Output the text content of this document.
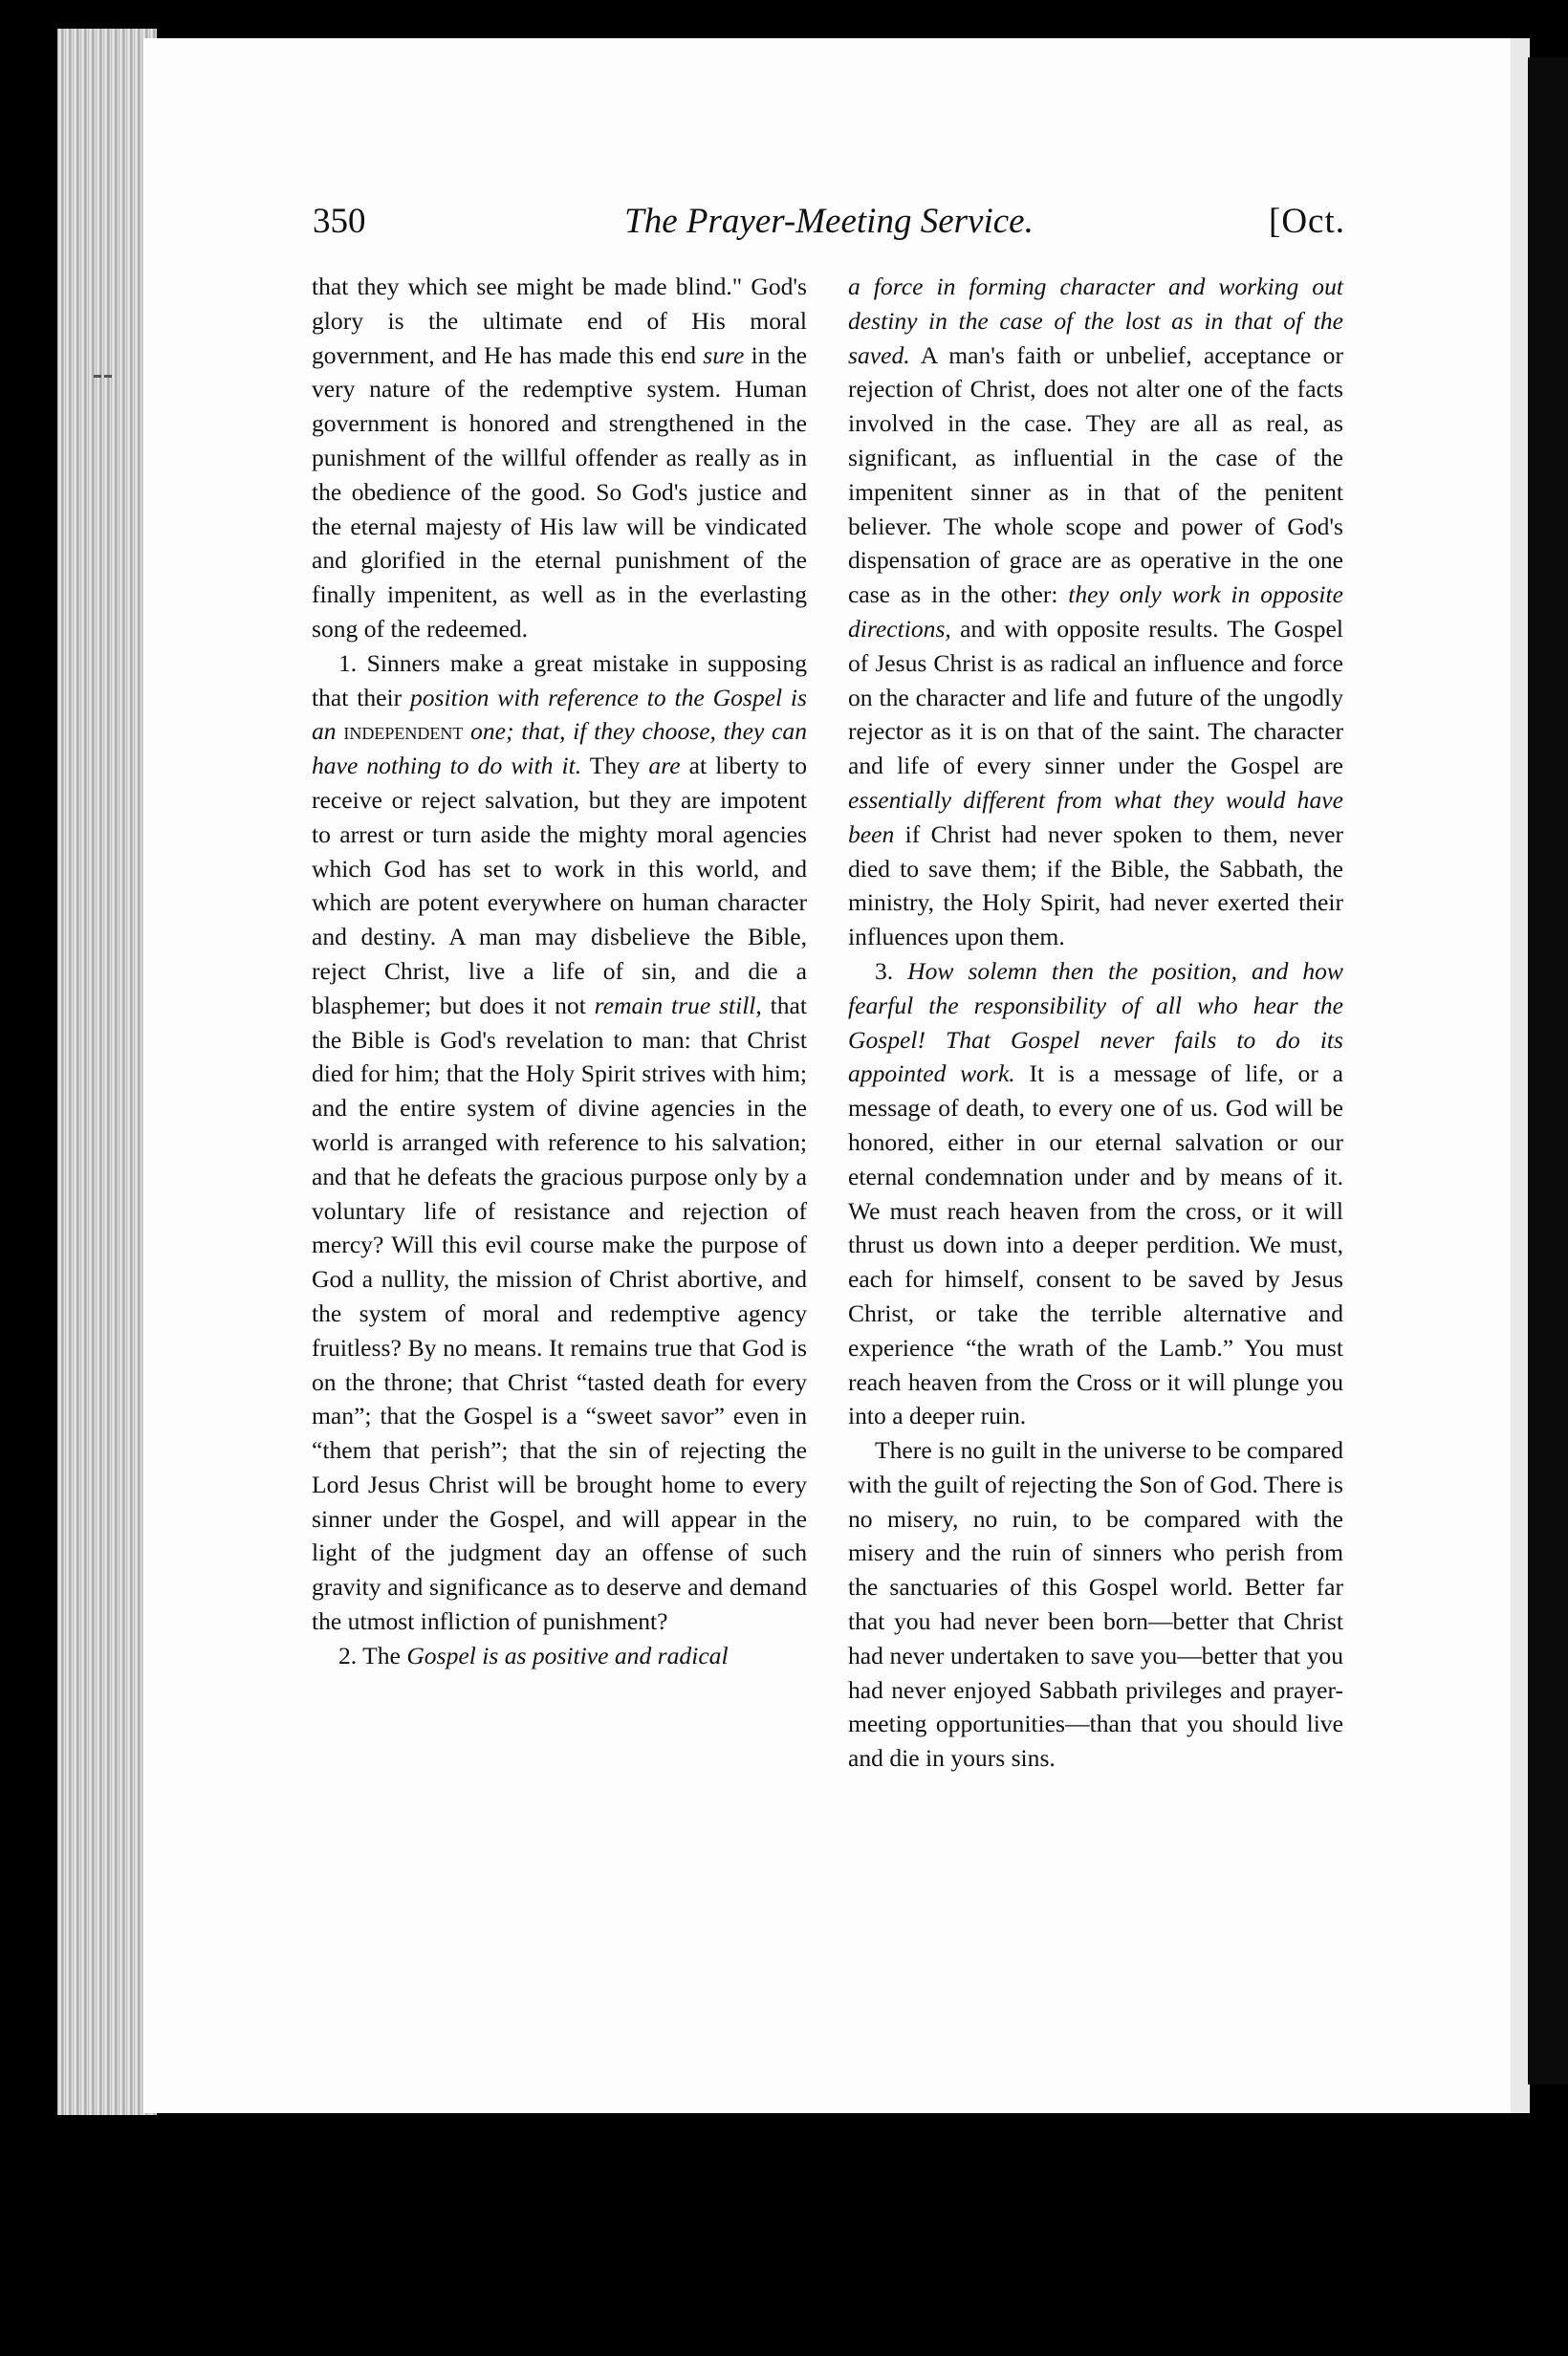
350	The Prayer-Meeting Service.	[Oct.

that they which see might be made blind." God's glory is the ultimate end of His moral government, and He has made this end sure in the very nature of the redemptive system. Human government is honored and strengthened in the punishment of the willful offender as really as in the obedience of the good. So God's justice and the eternal majesty of His law will be vindicated and glorified in the eternal punishment of the finally impenitent, as well as in the everlasting song of the redeemed.

1. Sinners make a great mistake in supposing that their position with reference to the Gospel is an independent one; that, if they choose, they can have nothing to do with it. They are at liberty to receive or reject salvation, but they are impotent to arrest or turn aside the mighty moral agencies which God has set to work in this world, and which are potent everywhere on human character and destiny. A man may disbelieve the Bible, reject Christ, live a life of sin, and die a blasphemer; but does it not remain true still, that the Bible is God's revelation to man: that Christ died for him; that the Holy Spirit strives with him; and the entire system of divine agencies in the world is arranged with reference to his salvation; and that he defeats the gracious purpose only by a voluntary life of resistance and rejection of mercy? Will this evil course make the purpose of God a nullity, the mission of Christ abortive, and the system of moral and redemptive agency fruitless? By no means. It remains true that God is on the throne; that Christ “tasted death for every man”; that the Gospel is a “sweet savor” even in “them that perish”; that the sin of rejecting the Lord Jesus Christ will be brought home to every sinner under the Gospel, and will appear in the light of the judgment day an offense of such gravity and significance as to deserve and demand the utmost infliction of punishment?

2. The Gospel is as positive and radical

a force in forming character and working out destiny in the case of the lost as in that of the saved. A man's faith or unbelief, acceptance or rejection of Christ, does not alter one of the facts involved in the case. They are all as real, as significant, as influential in the case of the impenitent sinner as in that of the penitent believer. The whole scope and power of God's dispensation of grace are as operative in the one case as in the other: they only work in opposite directions, and with opposite results. The Gospel of Jesus Christ is as radical an influence and force on the character and life and future of the ungodly rejector as it is on that of the saint. The character and life of every sinner under the Gospel are essentially different from what they would have been if Christ had never spoken to them, never died to save them; if the Bible, the Sabbath, the ministry, the Holy Spirit, had never exerted their influences upon them.

3. How solemn then the position, and how fearful the responsibility of all who hear the Gospel! That Gospel never fails to do its appointed work. It is a message of life, or a message of death, to every one of us. God will be honored, either in our eternal salvation or our eternal condemnation under and by means of it. We must reach heaven from the cross, or it will thrust us down into a deeper perdition. We must, each for himself, consent to be saved by Jesus Christ, or take the terrible alternative and experience “the wrath of the Lamb.” You must reach heaven from the Cross or it will plunge you into a deeper ruin.

There is no guilt in the universe to be compared with the guilt of rejecting the Son of God. There is no misery, no ruin, to be compared with the misery and the ruin of sinners who perish from the sanctuaries of this Gospel world. Better far that you had never been born—better that Christ had never undertaken to save you—better that you had never enjoyed Sabbath privileges and prayer-meeting opportunities—than that you should live and die in yours sins.
